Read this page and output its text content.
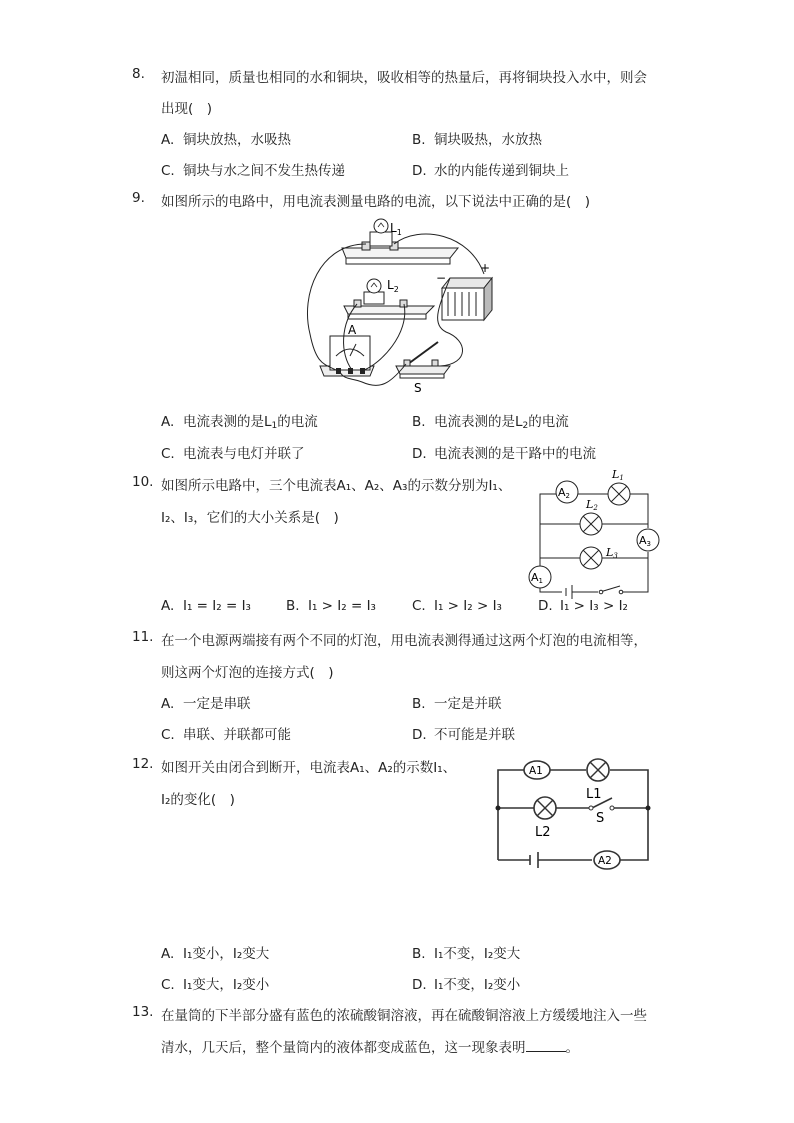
8.	初温相同，质量也相同的水和铜块，吸收相等的热量后，再将铜块投入水中，则会
出现(　)
A. 铜块放热，水吸热	B. 铜块吸热，水放热
C. 铜块与水之间不发生热传递	D. 水的内能传递到铜块上
9.	如图所示的电路中，用电流表测量电路的电流，以下说法中正确的是(　)
$L_1$
$L_2$
−
+
A
S
A. 电流表测的是$L_1$的电流	B. 电流表测的是$L_2$的电流
C. 电流表与电灯并联了	D. 电流表测的是干路中的电流
10. 如图所示电路中，三个电流表A₁、A₂、A₃的示数分别为I₁、
I₂、I₃，它们的大小关系是(　)
A2
L1
L2
A3
L3
A1
A. I₁ = I₂ = I₃	B. I₁ > I₂ = I₃	C. I₁ > I₂ > I₃	D. I₁ > I₃ > I₂
11. 在一个电源两端接有两个不同的灯泡，用电流表测得通过这两个灯泡的电流相等，
则这两个灯泡的连接方式(　)
A. 一定是串联	B. 一定是并联
C. 串联、并联都可能	D. 不可能是并联
12. 如图开关由闭合到断开，电流表A₁、A₂的示数I₁、
I₂的变化(　)
A1
L1
L2
S
A2
A. I₁变小，I₂变大	B. I₁不变，I₂变大
C. I₁变大，I₂变小	D. I₁不变，I₂变小
13. 在量筒的下半部分盛有蓝色的浓硫酸铜溶液，再在硫酸铜溶液上方缓缓地注入一些
清水，几天后，整个量筒内的液体都变成蓝色，这一现象表明	。
